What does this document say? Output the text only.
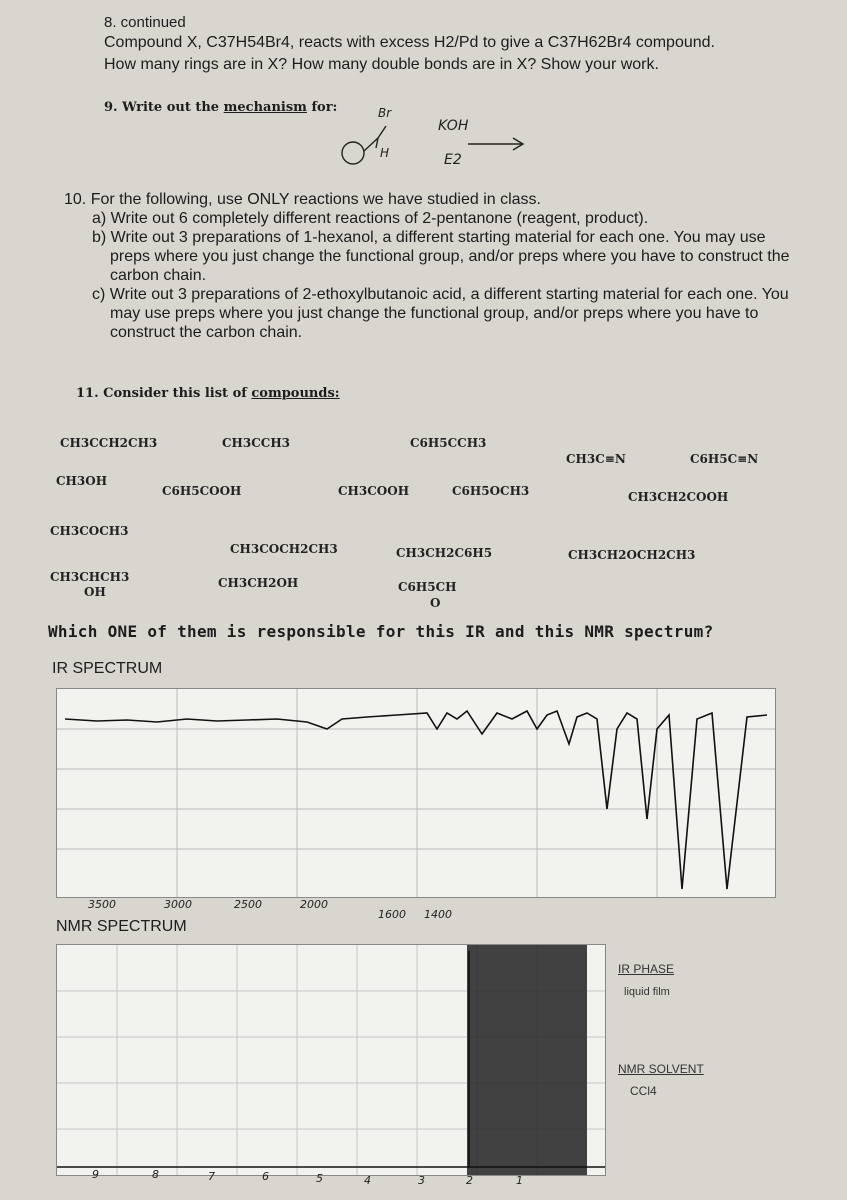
8. continued
Compound X, C37H54Br4, reacts with excess H2/Pd to give a C37H62Br4 compound.
How many rings are in X? How many double bonds are in X? Show your work.
9. Write out the mechanism for:	Br
H
KOH
E2
10. For the following, use ONLY reactions we have studied in class.
a) Write out 6 completely different reactions of 2-pentanone (reagent, product).
b) Write out 3 preparations of 1-hexanol, a different starting material for each one. You may use preps where you just change the functional group, and/or preps where you have to construct the carbon chain.
c) Write out 3 preparations of 2-ethoxylbutanoic acid, a different starting material for each one. You may use preps where you just change the functional group, and/or preps where you have to construct the carbon chain.
11. Consider this list of compounds:
CH3CCH2CH3	CH3CCH3	C6H5CCH3
CH3C≡N	C6H5C≡N
CH3OH
C6H5COOH	CH3COOH	C6H5OCH3	CH3CH2COOH
CH3COCH3
CH3COCH2CH3	CH3CH2C6H5	CH3CH2OCH2CH3
CH3CHCH3
OH
CH3CH2OH	C6H5CH
O
Which ONE of them is responsible for this IR and this NMR spectrum?
IR SPECTRUM
3500	3000	2500	2000
1600 1400
NMR SPECTRUM
9	8	7	6	5	4	3	2	1
IR PHASE
liquid film
NMR SOLVENT
CCl4
